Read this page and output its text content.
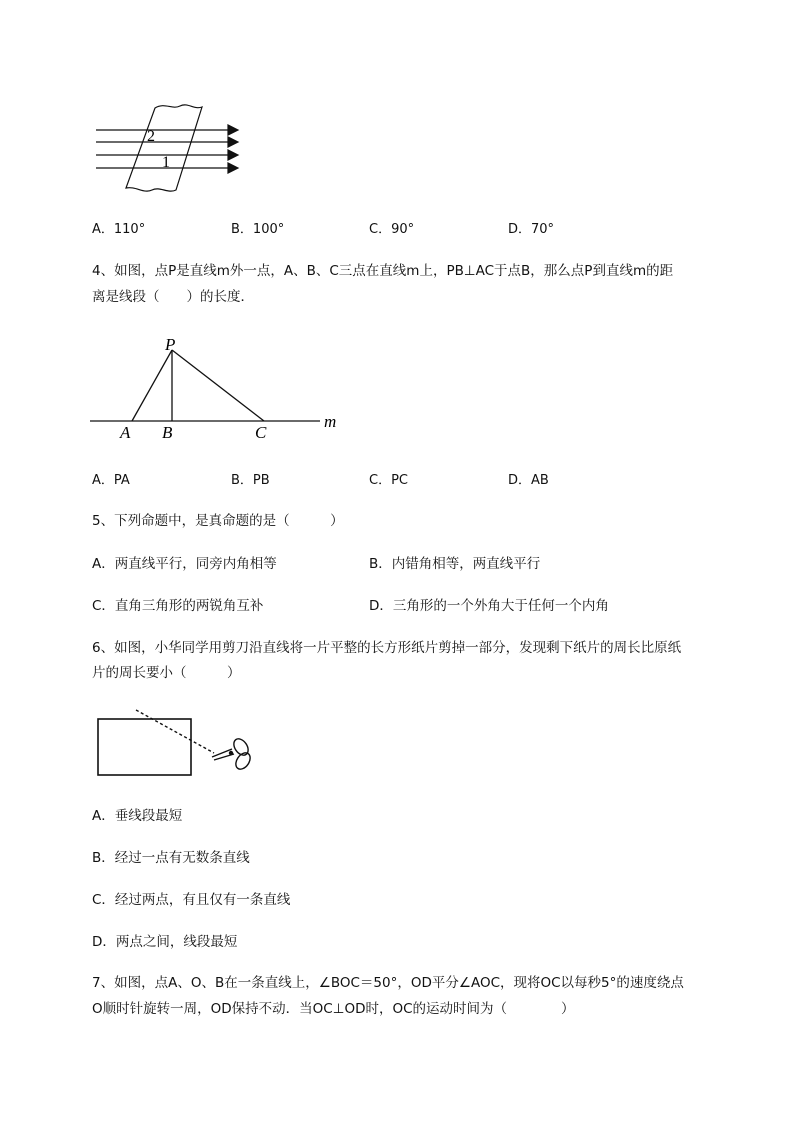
2
1
A．110°	B．100°	C．90°	D．70°
4、如图，点P是直线m外一点，A、B、C三点在直线m上，PB⊥AC于点B，那么点P到直线m的距
离是线段（　　）的长度．
P
A B	C
m
A．PA	B．PB	C．PC	D．AB
5、下列命题中，是真命题的是（　　　）
A．两直线平行，同旁内角相等	B．内错角相等，两直线平行
C．直角三角形的两锐角互补	D．三角形的一个外角大于任何一个内角
6、如图，小华同学用剪刀沿直线将一片平整的长方形纸片剪掉一部分，发现剩下纸片的周长比原纸
片的周长要小（　　　）
A．垂线段最短
B．经过一点有无数条直线
C．经过两点，有且仅有一条直线
D．两点之间，线段最短
7、如图，点A、O、B在一条直线上，∠BOC＝50°，OD平分∠AOC，现将OC以每秒5°的速度绕点
O顺时针旋转一周，OD保持不动．当OC⊥OD时，OC的运动时间为（　　　　）
